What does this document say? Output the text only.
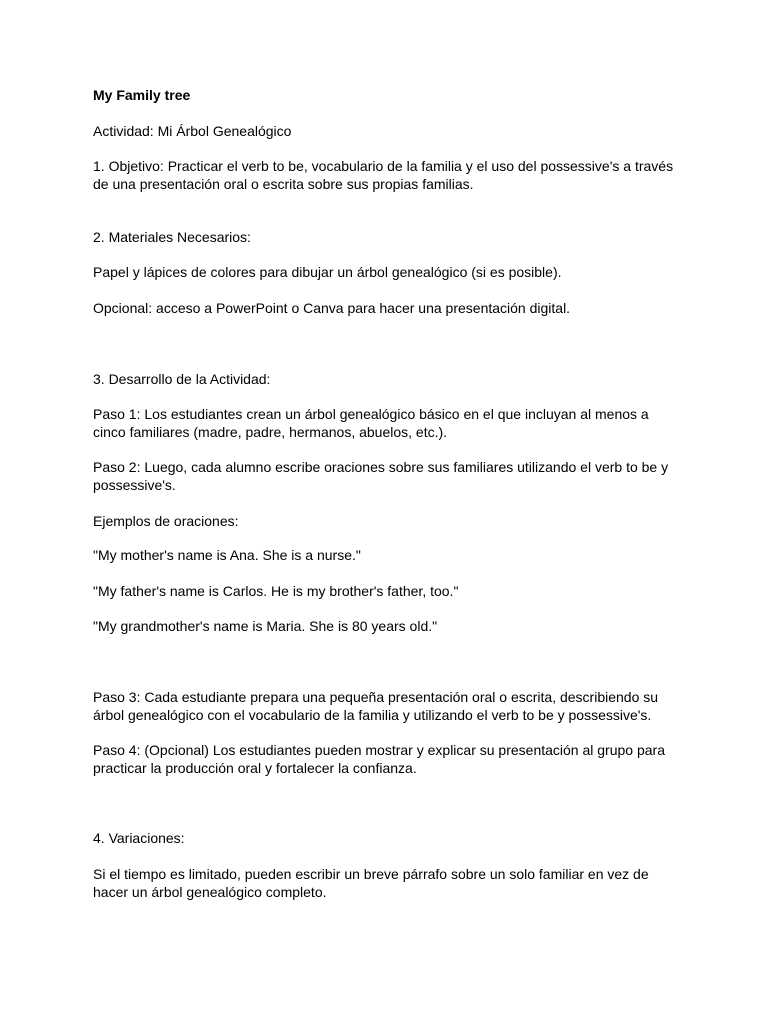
My Family tree

Actividad: Mi Árbol Genealógico

1. Objetivo: Practicar el verb to be, vocabulario de la familia y el uso del possessive's a través de una presentación oral o escrita sobre sus propias familias.

2. Materiales Necesarios:

Papel y lápices de colores para dibujar un árbol genealógico (si es posible).

Opcional: acceso a PowerPoint o Canva para hacer una presentación digital.

3. Desarrollo de la Actividad:

Paso 1: Los estudiantes crean un árbol genealógico básico en el que incluyan al menos a cinco familiares (madre, padre, hermanos, abuelos, etc.).

Paso 2: Luego, cada alumno escribe oraciones sobre sus familiares utilizando el verb to be y possessive's.

Ejemplos de oraciones:

"My mother's name is Ana. She is a nurse."

"My father's name is Carlos. He is my brother's father, too."

"My grandmother's name is Maria. She is 80 years old."

Paso 3: Cada estudiante prepara una pequeña presentación oral o escrita, describiendo su árbol genealógico con el vocabulario de la familia y utilizando el verb to be y possessive's.

Paso 4: (Opcional) Los estudiantes pueden mostrar y explicar su presentación al grupo para practicar la producción oral y fortalecer la confianza.

4. Variaciones:

Si el tiempo es limitado, pueden escribir un breve párrafo sobre un solo familiar en vez de hacer un árbol genealógico completo.
